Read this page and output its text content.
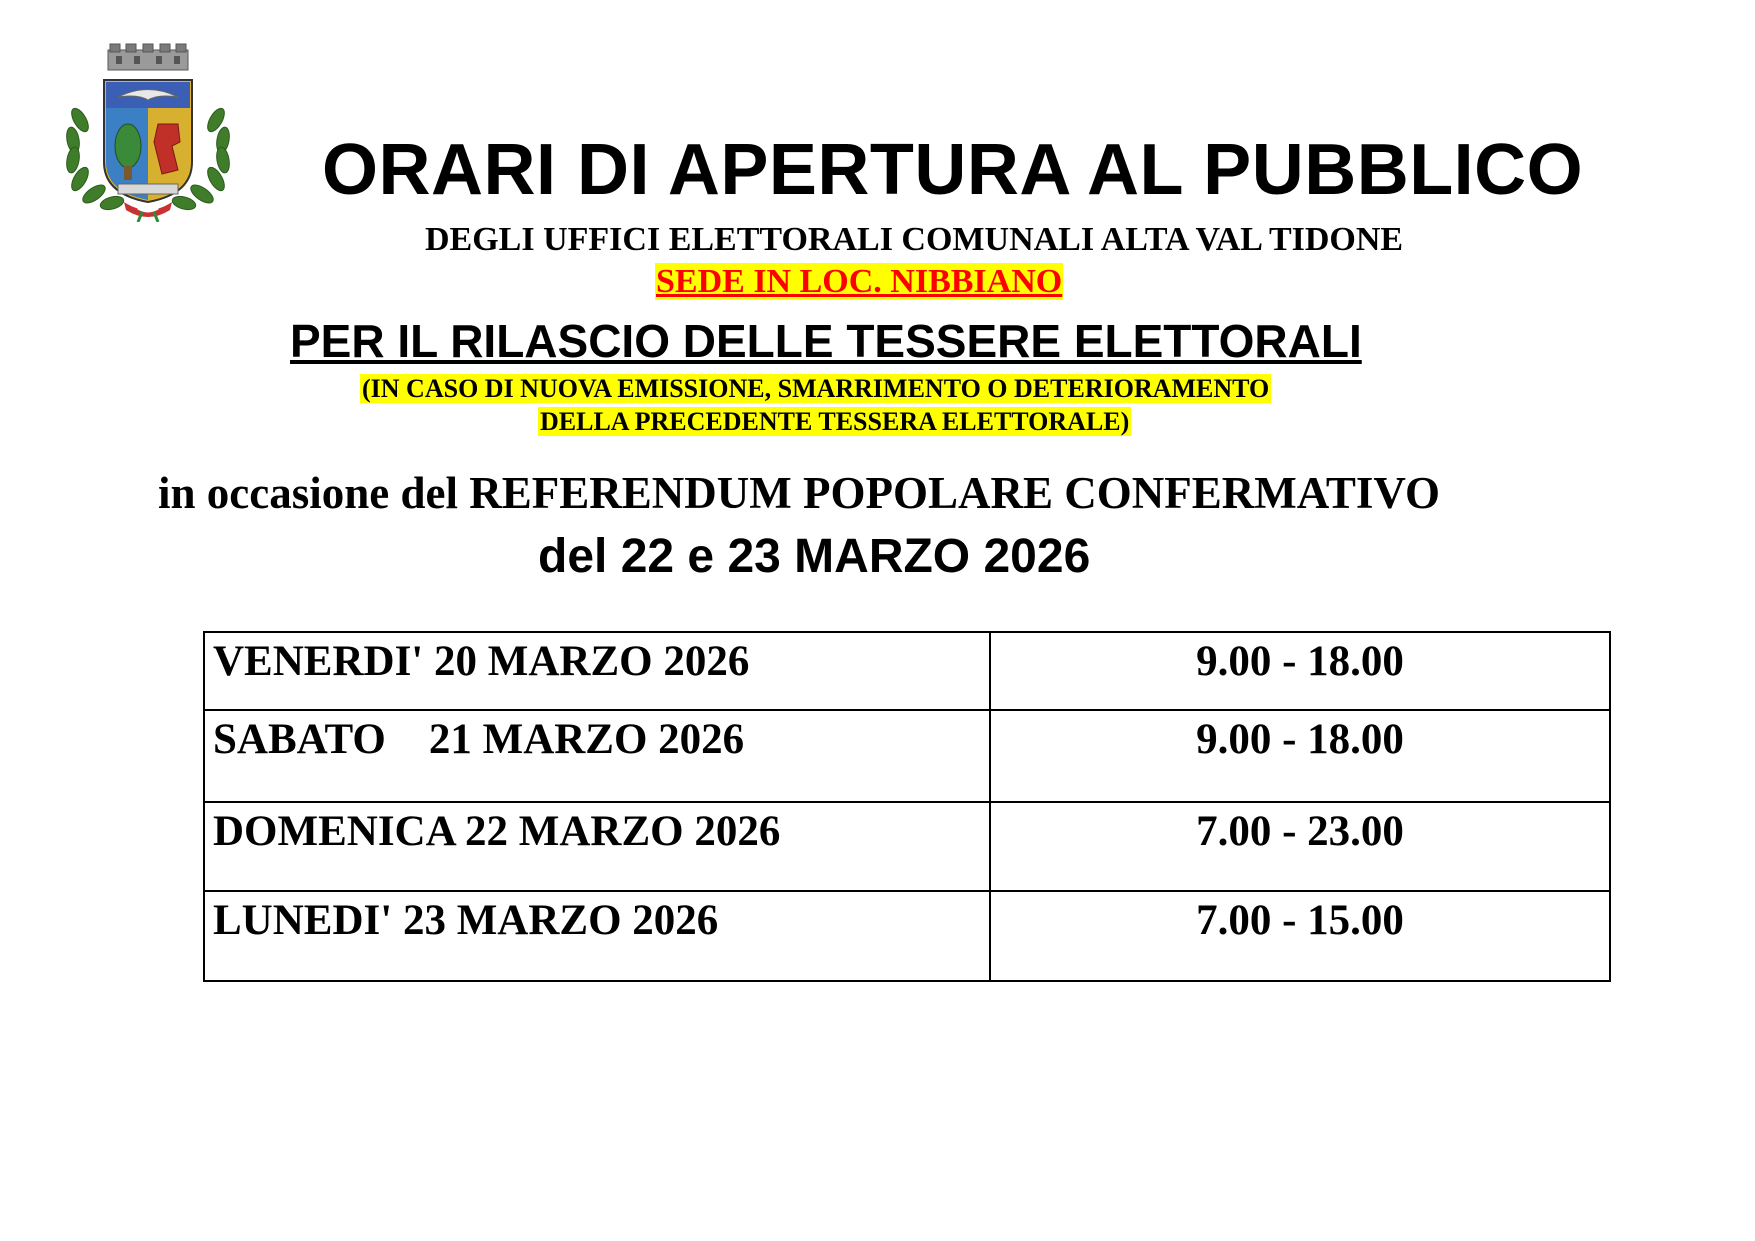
ORARI DI APERTURA AL PUBBLICO
DEGLI UFFICI ELETTORALI COMUNALI ALTA VAL TIDONE
SEDE IN LOC. NIBBIANO
PER IL RILASCIO DELLE TESSERE ELETTORALI
(IN CASO DI NUOVA EMISSIONE, SMARRIMENTO O DETERIORAMENTO
DELLA PRECEDENTE TESSERA ELETTORALE)
in occasione del REFERENDUM POPOLARE CONFERMATIVO
del 22 e 23 MARZO 2026
VENERDI' 20 MARZO 2026	9.00 - 18.00
SABATO    21 MARZO 2026	9.00 - 18.00
DOMENICA 22 MARZO 2026	7.00 - 23.00
LUNEDI' 23 MARZO 2026	7.00 - 15.00
